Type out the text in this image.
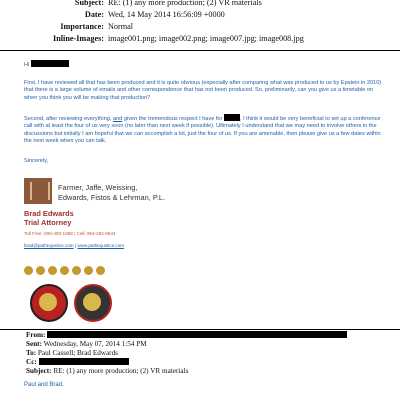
Subject: RE: (1) any more production; (2) VR materials
Date: Wed, 14 May 2014 16:56:09 +0000
Importance: Normal
Inline-Images: image001.png; image002.png; image007.jpg; image008.jpg
Hi
First, I have reviewed all that has been produced and it is quite obvious (especially after comparing what was produced to us by Epstein in 2010) that there is a large volume of emails and other correspondence that has not been produced. So, preliminarily, can you give us a timetable on when you think you will be making that production?
Second, after reviewing everything, and given the tremendous respect I have for	, I think it would be very beneficial to set up a conference call with at least the four of us very soon (no later than next week if possible). Ultimately I understand that we may need to involve others in the discussions but initially I am hopeful that we can accomplish a lot, just the four of us. If you are amenable, then please give us a few dates within the next week when you can talk.
Sincerely,
Farmer, Jaffe, Weissing,
Edwards, Fistos & Lehrman, P.L.
Brad Edwards
Trial Attorney
Toll Free: 800-400-1098 | Cell: 954-294-5544
brad@pathtojustice.com | www.pathtojustice.com
From:
Sent: Wednesday, May 07, 2014 1:54 PM
To: Paul Cassell; Brad Edwards
Cc:
Subject: RE: (1) any more production; (2) VR materials
Paul and Brad,
